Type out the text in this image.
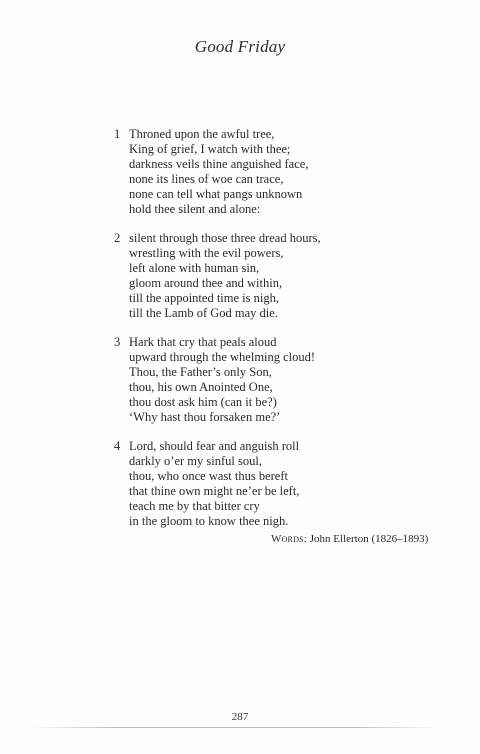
Good Friday
1 Throned upon the awful tree,
King of grief, I watch with thee;
darkness veils thine anguished face,
none its lines of woe can trace,
none can tell what pangs unknown
hold thee silent and alone:
2 silent through those three dread hours,
wrestling with the evil powers,
left alone with human sin,
gloom around thee and within,
till the appointed time is nigh,
till the Lamb of God may die.
3 Hark that cry that peals aloud
upward through the whelming cloud!
Thou, the Father’s only Son,
thou, his own Anointed One,
thou dost ask him (can it be?)
‘Why hast thou forsaken me?’
4 Lord, should fear and anguish roll
darkly o’er my sinful soul,
thou, who once wast thus bereft
that thine own might ne’er be left,
teach me by that bitter cry
in the gloom to know thee nigh.
Words: John Ellerton (1826–1893)
287
